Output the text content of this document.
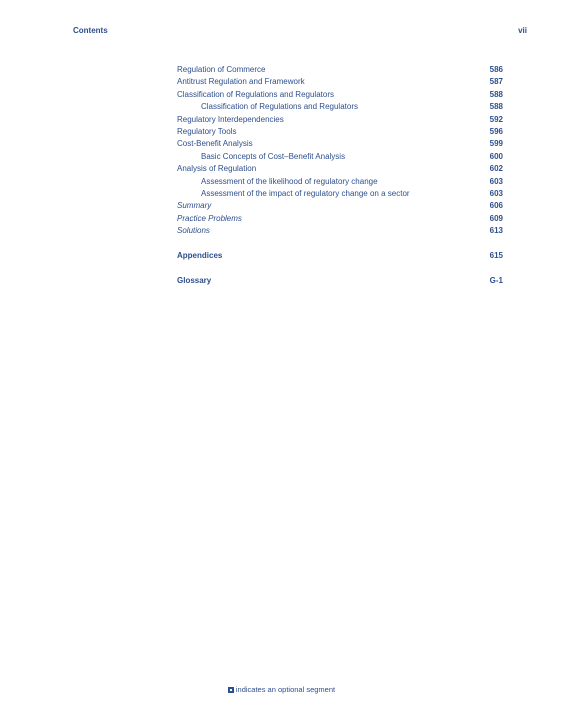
Contents	vii
Regulation of Commerce	586
Antitrust Regulation and Framework	587
Classification of Regulations and Regulators	588
Classification of Regulations and Regulators	588
Regulatory Interdependencies	592
Regulatory Tools	596
Cost-Benefit Analysis	599
Basic Concepts of Cost–Benefit Analysis	600
Analysis of Regulation	602
Assessment of the likelihood of regulatory change	603
Assessment of the impact of regulatory change on a sector	603
Summary	606
Practice Problems	609
Solutions	613
Appendices	615
Glossary	G-1
indicates an optional segment
